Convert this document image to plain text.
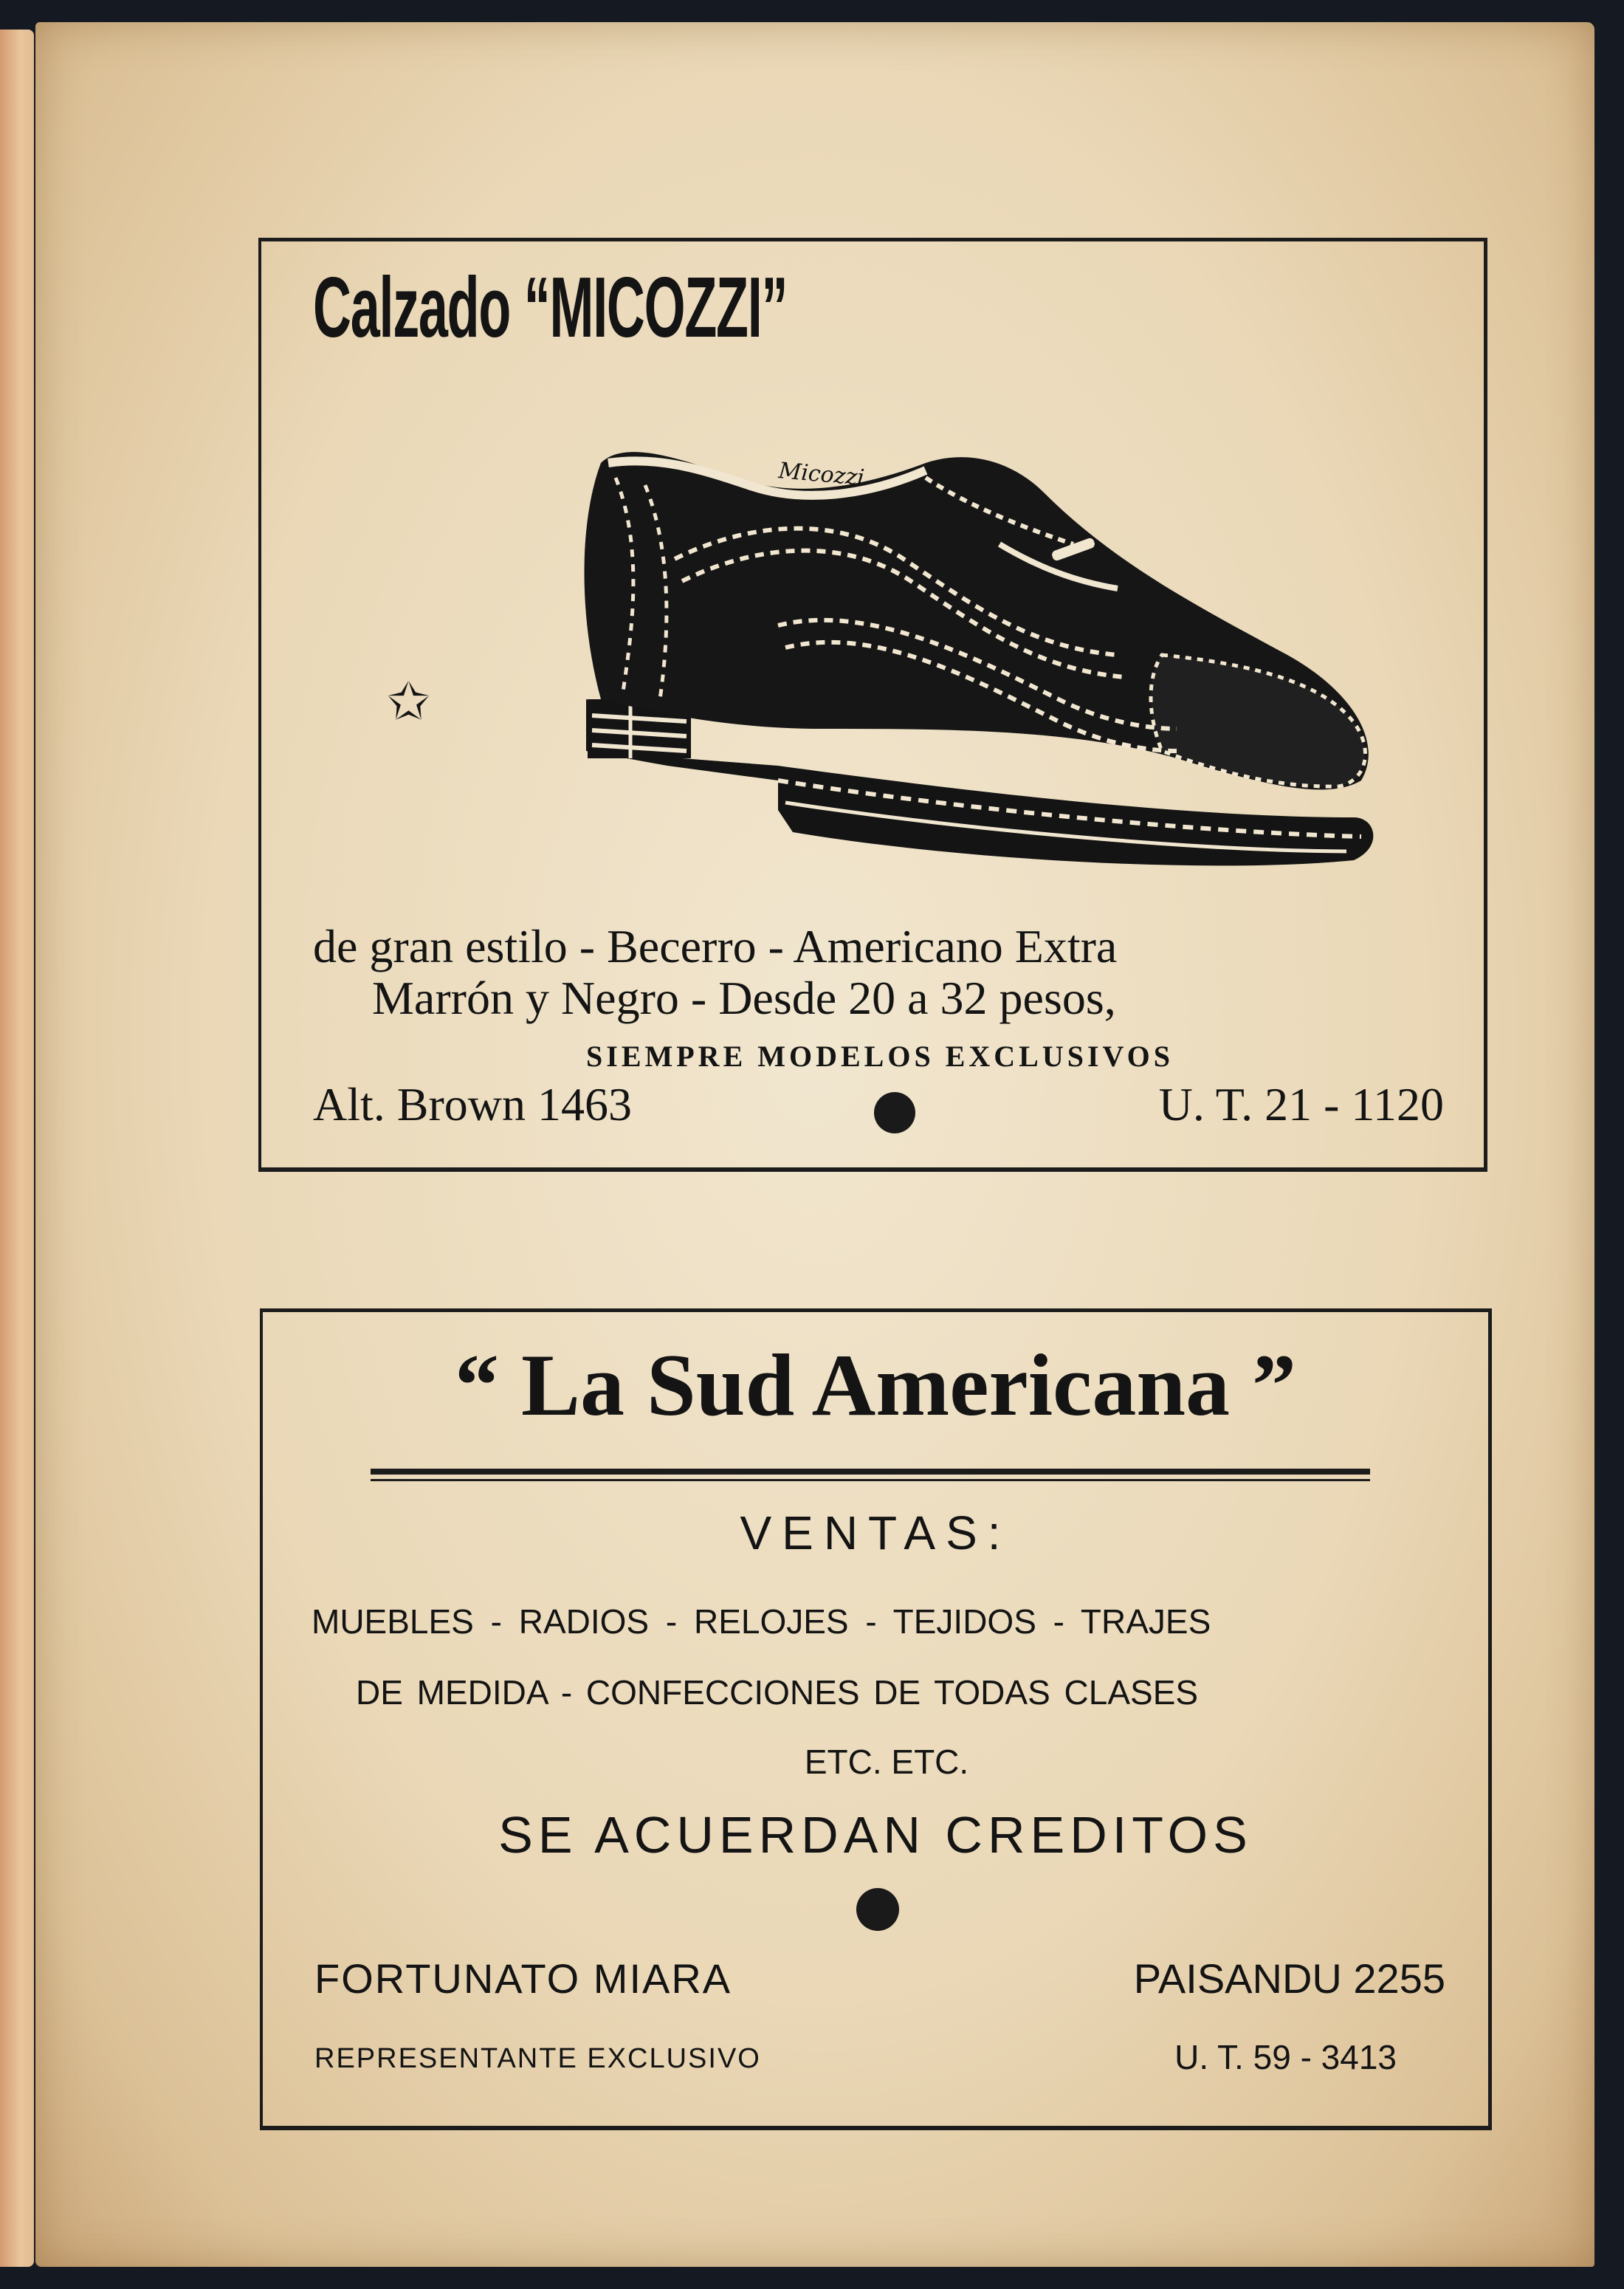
Calzado “MICOZZI”
✩
Micozzi
de gran estilo - Becerro - Americano Extra
Marrón y Negro - Desde 20 a 32 pesos,
SIEMPRE MODELOS EXCLUSIVOS
Alt. Brown 1463	U. T. 21 - 1120
“ La Sud Americana ”
VENTAS:
MUEBLES - RADIOS - RELOJES - TEJIDOS - TRAJES
DE MEDIDA - CONFECCIONES DE TODAS CLASES
ETC. ETC.
SE ACUERDAN CREDITOS
FORTUNATO MIARA	PAISANDU 2255
REPRESENTANTE EXCLUSIVO	U. T. 59 - 3413
